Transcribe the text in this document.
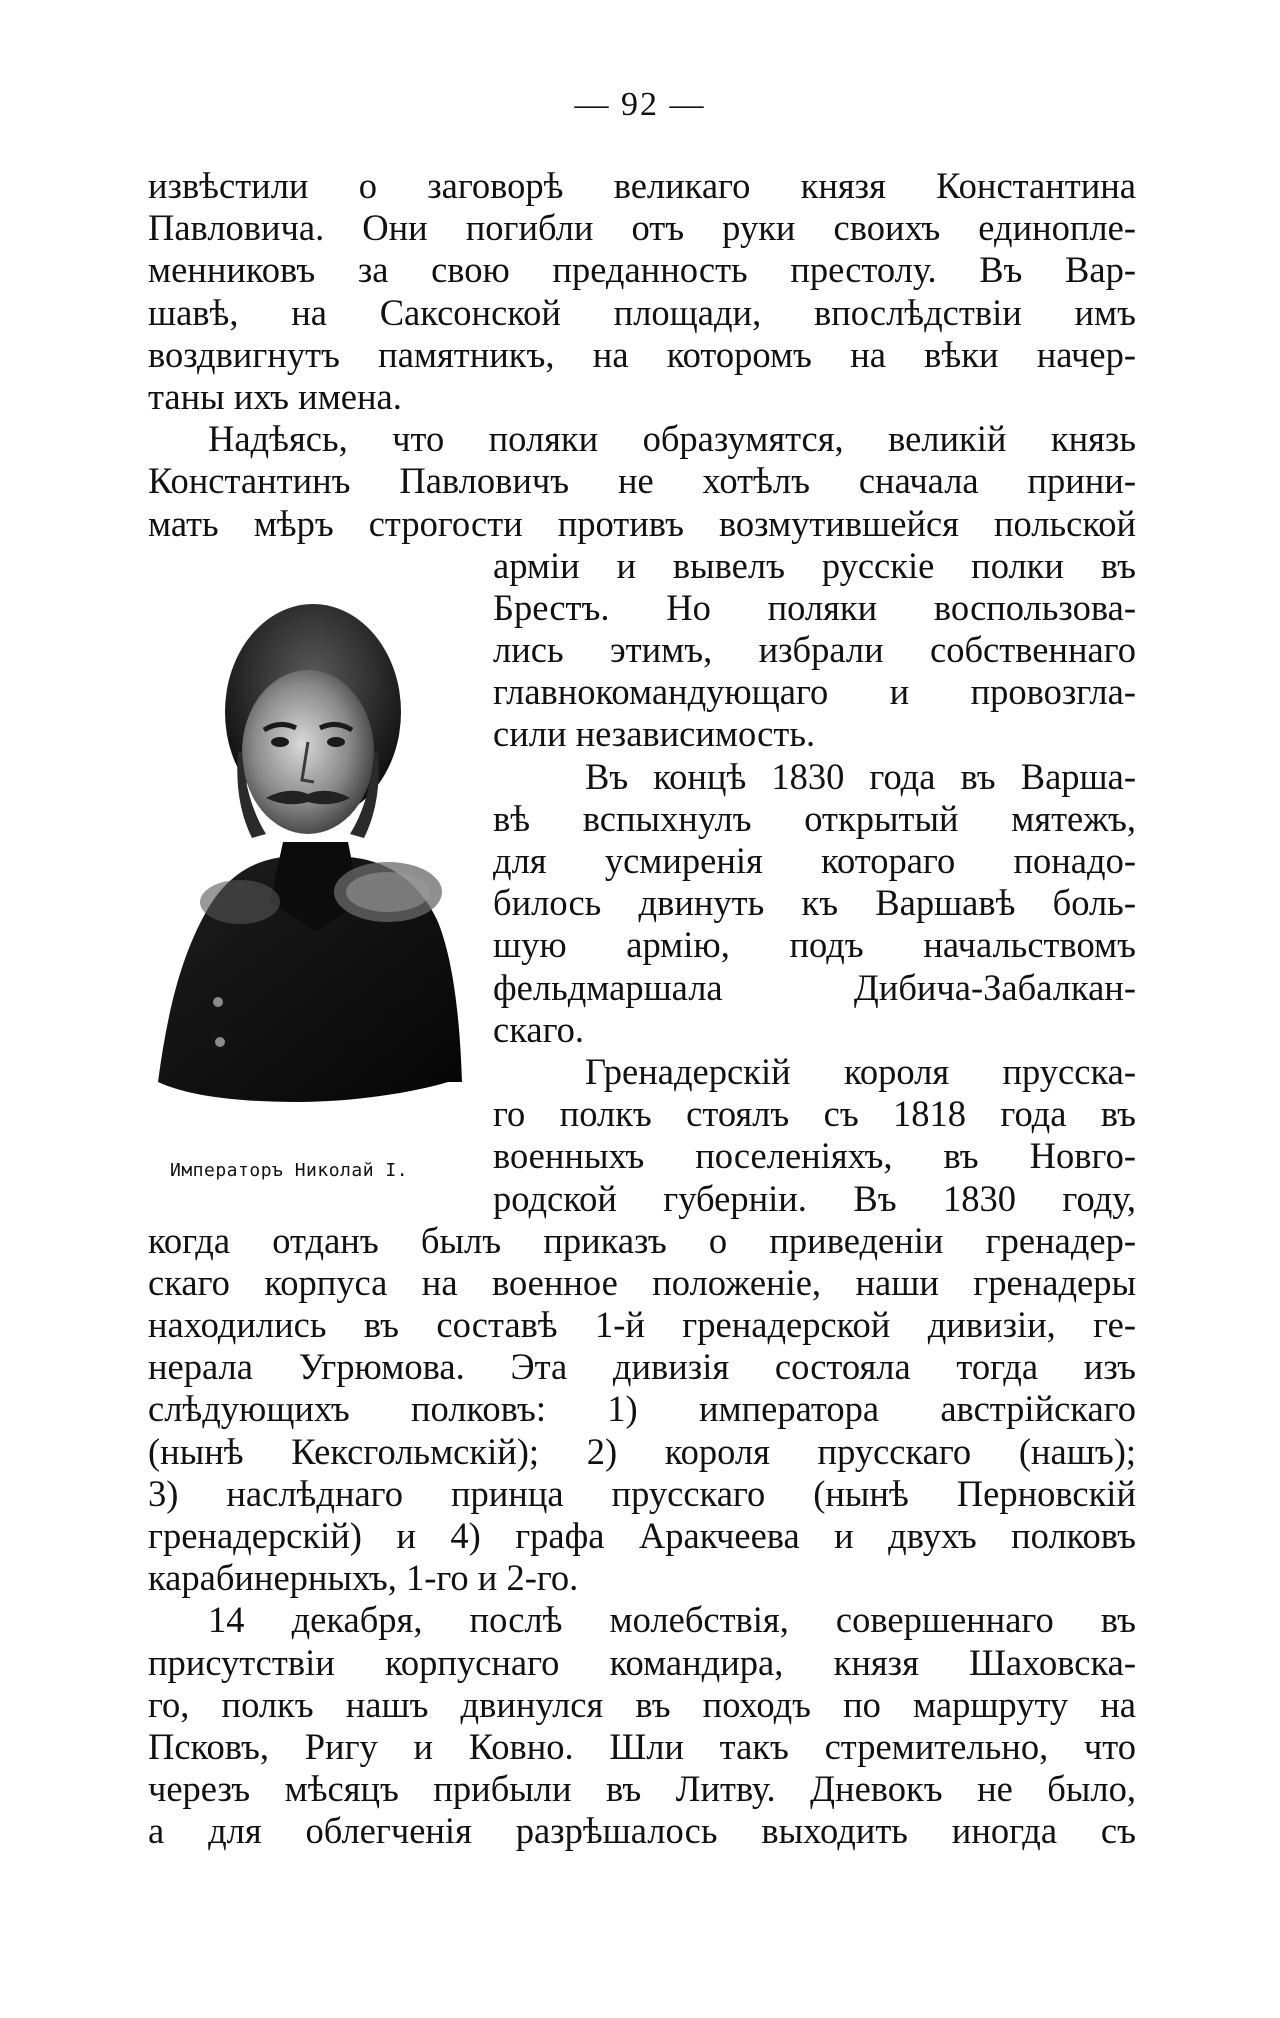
— 92 —
извѣстили о заговорѣ великаго князя Константина
Павловича. Они погибли отъ руки своихъ единопле-
менниковъ за свою преданность престолу. Въ Вар-
шавѣ, на Саксонской площади, впослѣдствіи имъ
воздвигнутъ памятникъ, на которомъ на вѣки начер-
таны ихъ имена.
Надѣясь, что поляки образумятся, великій князь
Константинъ Павловичъ не хотѣлъ сначала прини-
мать мѣръ строгости противъ возмутившейся польской
арміи и вывелъ русскіе полки въ
Брестъ. Но поляки воспользова-
лись этимъ, избрали собственнаго
главнокомандующаго и провозгла-
сили независимость.
Въ концѣ 1830 года въ Варша-
вѣ вспыхнулъ открытый мятежъ,
для усмиренія котораго понадо-
билось двинуть къ Варшавѣ боль-
шую армію, подъ начальствомъ
фельдмаршала Дибича-Забалкан-
скаго.
Гренадерскій короля прусска-
го полкъ стоялъ съ 1818 года въ
военныхъ поселеніяхъ, въ Новго-
родской губерніи. Въ 1830 году,
когда отданъ былъ приказъ о приведеніи гренадер-
скаго корпуса на военное положеніе, наши гренадеры
находились въ составѣ 1-й гренадерской дивизіи, ге-
нерала Угрюмова. Эта дивизія состояла тогда изъ
слѣдующихъ полковъ: 1) императора австрійскаго
(нынѣ Кексгольмскій); 2) короля прусскаго (нашъ);
3) наслѣднаго принца прусскаго (нынѣ Перновскій
гренадерскій) и 4) графа Аракчеева и двухъ полковъ
карабинерныхъ, 1-го и 2-го.
14 декабря, послѣ молебствія, совершеннаго въ
присутствіи корпуснаго командира, князя Шаховска-
го, полкъ нашъ двинулся въ походъ по маршруту на
Псковъ, Ригу и Ковно. Шли такъ стремительно, что
черезъ мѣсяцъ прибыли въ Литву. Дневокъ не было,
а для облегченія разрѣшалось выходить иногда съ
Императоръ Николай I.
